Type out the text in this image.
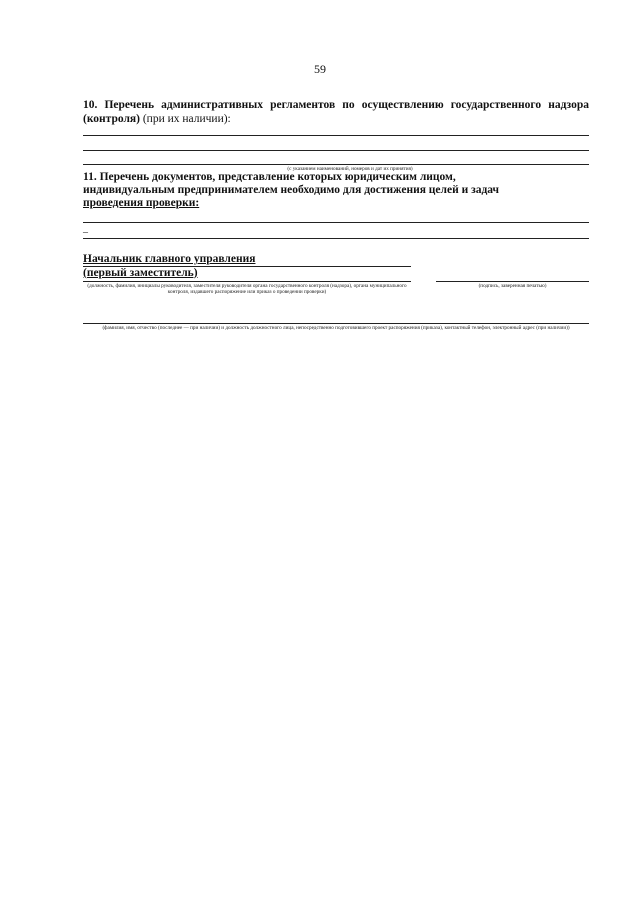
59
10. Перечень административных регламентов по осуществлению государственного надзора (контроля) (при их наличии):
(с указанием наименований, номеров и дат их принятия)
11. Перечень документов, представление которых юридическим лицом,
индивидуальным предпринимателем необходимо для достижения целей и задач
проведения проверки:
–
Начальник главного управления
(первый заместитель)
(должность, фамилия, инициалы руководителя, заместителя руководителя органа государственного контроля (надзора), органа муниципального контроля, издавшего распоряжение или приказ о проведении проверки)
(подпись, заверенная печатью)
(фамилия, имя, отчество (последнее — при наличии) и должность должностного лица, непосредственно подготовившего проект распоряжения (приказа), контактный телефон, электронный адрес (при наличии))
